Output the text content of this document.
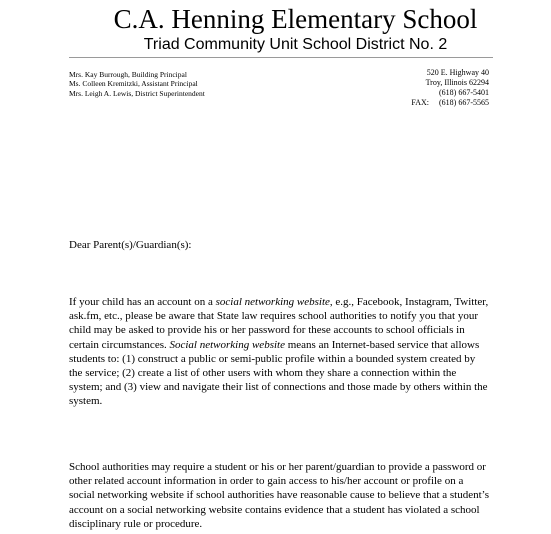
C.A. Henning Elementary School
Triad Community Unit School District No. 2
Mrs. Kay Burrough, Building Principal
Ms. Colleen Kremitzki, Assistant Principal
Mrs. Leigh A. Lewis, District Superintendent
520 E. Highway 40
Troy, Illinois 62294
(618) 667-5401
FAX:     (618) 667-5565
Dear Parent(s)/Guardian(s):
If your child has an account on a social networking website, e.g., Facebook, Instagram, Twitter, ask.fm, etc., please be aware that State law requires school authorities to notify you that your child may be asked to provide his or her password for these accounts to school officials in certain circumstances. Social networking website means an Internet-based service that allows students to: (1) construct a public or semi-public profile within a bounded system created by the service; (2) create a list of other users with whom they share a connection within the system; and (3) view and navigate their list of connections and those made by others within the system.
School authorities may require a student or his or her parent/guardian to provide a password or other related account information in order to gain access to his/her account or profile on a social networking website if school authorities have reasonable cause to believe that a student’s account on a social networking website contains evidence that a student has violated a school disciplinary rule or procedure.
